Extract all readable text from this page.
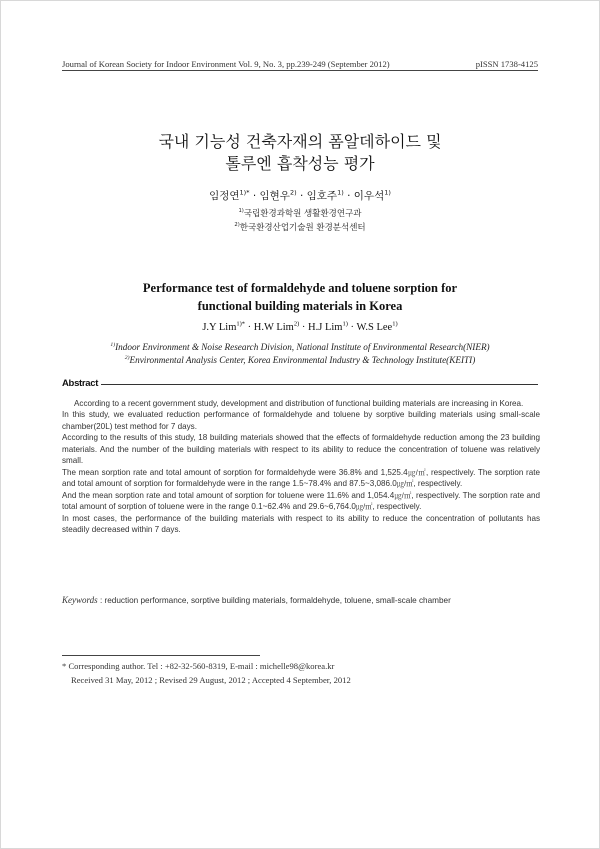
Journal of Korean Society for Indoor Environment Vol. 9, No. 3, pp.239-249 (September 2012)	pISSN 1738-4125
국내 기능성 건축자재의 폼알데하이드 및
톨루엔 흡착성능 평가
임정연$^{1)*}$ · 임현우$^{2)}$ · 임호주$^{1)}$ · 이우석$^{1)}$
$^{1)}$국립환경과학원 생활환경연구과
$^{2)}$한국환경산업기술원 환경분석센터
Performance test of formaldehyde and toluene sorption for
functional building materials in Korea
J.Y Lim$^{1)*}$ · H.W Lim$^{2)}$ · H.J Lim$^{1)}$ · W.S Lee$^{1)}$
$^{1)}$Indoor Environment & Noise Research Division, National Institute of Environmental Research(NIER)
$^{2)}$Environmental Analysis Center, Korea Environmental Industry & Technology Institute(KEITI)
Abstract

According to a recent government study, development and distribution of functional building materials are increasing in Korea.

In this study, we evaluated reduction performance of formaldehyde and toluene by sorptive building materials using small-scale chamber(20L) test method for 7 days.

According to the results of this study, 18 building materials showed that the effects of formaldehyde reduction among the 23 building materials. And the number of the building materials with respect to its ability to reduce the concentration of toluene was relatively small.

The mean sorption rate and total amount of sorption for formaldehyde were 36.8% and 1,525.4㎍/㎡, respectively. The sorption rate and total amount of sorption for formaldehyde were in the range 1.5~78.4% and 87.5~3,086.0㎍/㎡, respectively.

And the mean sorption rate and total amount of sorption for toluene were 11.6% and 1,054.4㎍/㎡, respectively. The sorption rate and total amount of sorption of toluene were in the range 0.1~62.4% and 29.6~6,764.0㎍/㎡, respectively.

In most cases, the performance of the building materials with respect to its ability to reduce the concentration of pollutants has steadily decreased within 7 days.

Keywords : reduction performance, sorptive building materials, formaldehyde, toluene, small-scale chamber
* Corresponding author. Tel : +82-32-560-8319, E-mail : michelle98@korea.kr
Received 31 May, 2012 ; Revised 29 August, 2012 ; Accepted 4 September, 2012
